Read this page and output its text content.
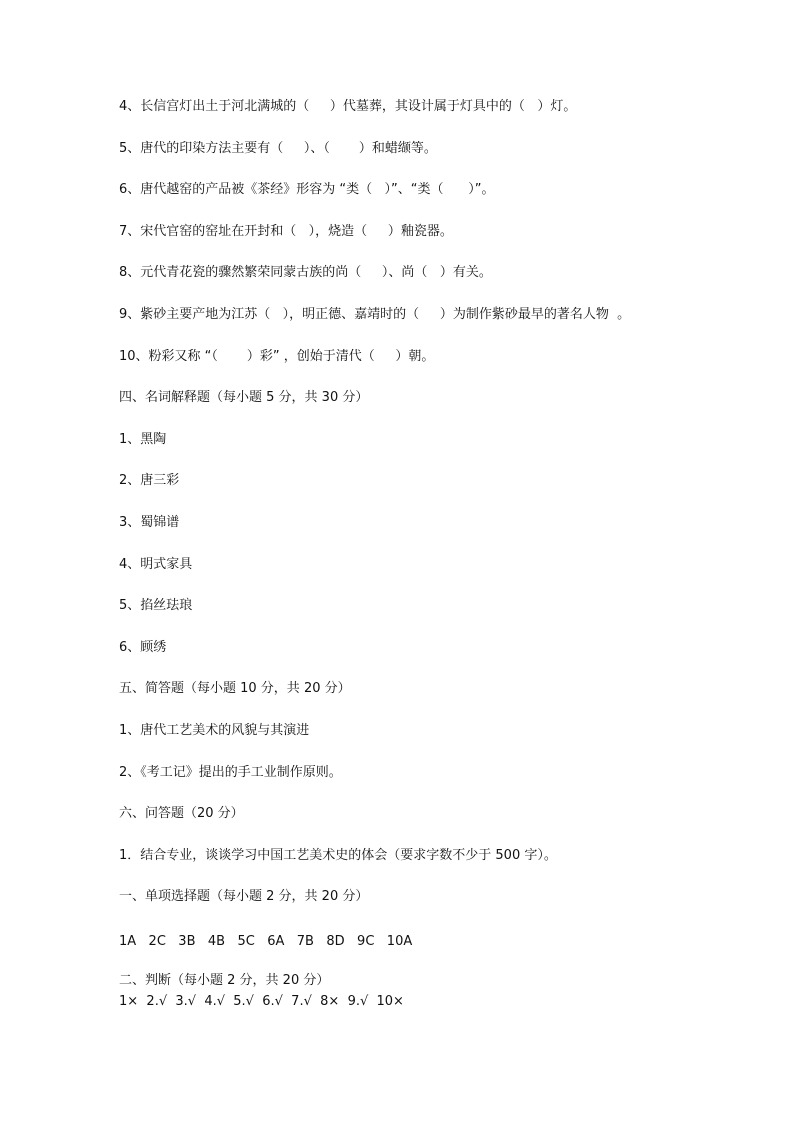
4、长信宫灯出土于河北满城的（     ）代墓葬，其设计属于灯具中的（   ）灯。
5、唐代的印染方法主要有（     ）、（       ）和蜡缬等。
6、唐代越窑的产品被《茶经》形容为 “类（   ）”、“类（      ）”。
7、宋代官窑的窑址在开封和（   ），烧造（     ）釉瓷器。
8、元代青花瓷的骤然繁荣同蒙古族的尚（     ）、尚（   ）有关。
9、紫砂主要产地为江苏（   ），明正德、嘉靖时的（     ）为制作紫砂最早的著名人物  。
10、粉彩又称 “（       ）彩” ，创始于清代（     ）朝。
四、名词解释题（每小题 5 分，共 30 分）
1、黑陶
2、唐三彩
3、蜀锦谱
4、明式家具
5、掐丝珐琅
6、顾绣
五、简答题（每小题 10 分，共 20 分）
1、唐代工艺美术的风貌与其演进
2、《考工记》提出的手工业制作原则。
六、问答题（20 分）
1．结合专业，谈谈学习中国工艺美术史的体会（要求字数不少于 500 字）。
一、单项选择题（每小题 2 分，共 20 分）
1A   2C   3B   4B   5C   6A   7B   8D   9C   10A
二、判断（每小题 2 分，共 20 分）
1×  2.√  3.√  4.√  5.√  6.√  7.√  8×  9.√  10×
